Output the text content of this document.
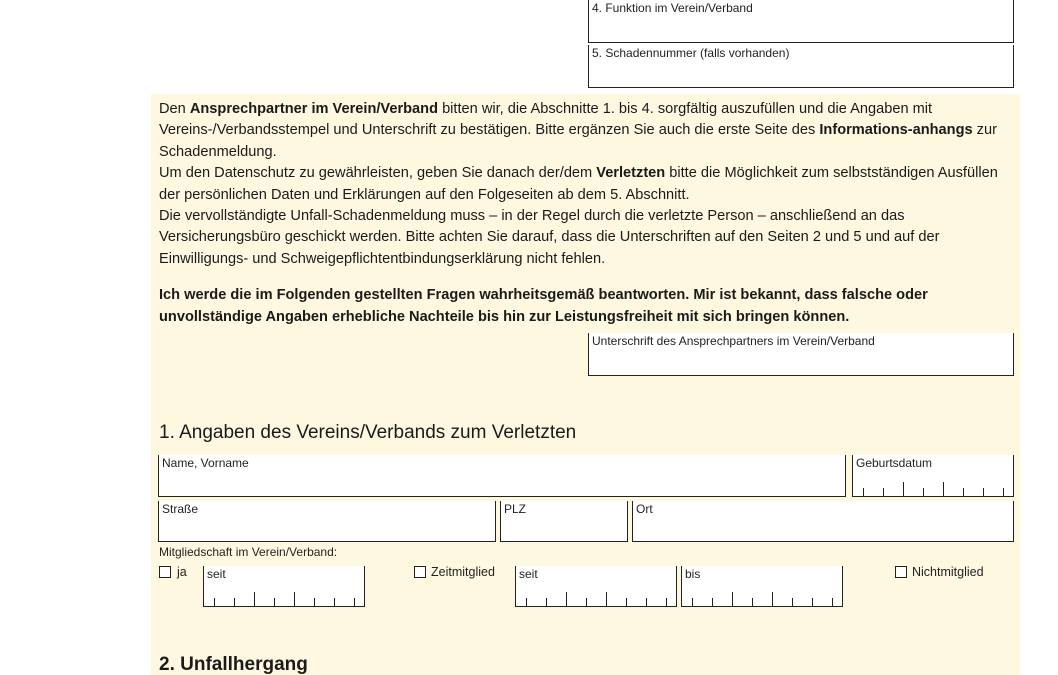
4. Funktion im Verein/Verband
5. Schadennummer (falls vorhanden)

Den Ansprechpartner im Verein/Verband bitten wir, die Abschnitte 1. bis 4. sorgfältig auszufüllen und die Angaben mit Vereins-/Verbandsstempel und Unterschrift zu bestätigen. Bitte ergänzen Sie auch die erste Seite des Informations-anhangs zur Schadenmeldung.

Um den Datenschutz zu gewährleisten, geben Sie danach der/dem Verletzten bitte die Möglichkeit zum selbstständigen Ausfüllen der persönlichen Daten und Erklärungen auf den Folgeseiten ab dem 5. Abschnitt.

Die vervollständigte Unfall-Schadenmeldung muss – in der Regel durch die verletzte Person – anschließend an das Versicherungsbüro geschickt werden. Bitte achten Sie darauf, dass die Unterschriften auf den Seiten 2 und 5 und auf der Einwilligungs- und Schweigepflichtentbindungserklärung nicht fehlen.

Ich werde die im Folgenden gestellten Fragen wahrheitsgemäß beantworten. Mir ist bekannt, dass falsche oder unvollständige Angaben erhebliche Nachteile bis hin zur Leistungsfreiheit mit sich bringen können.

Unterschrift des Ansprechpartners im Verein/Verband
1. Angaben des Vereins/Verbands zum Verletzten
Name, Vorname	Geburtsdatum
Straße	PLZ	Ort
Mitgliedschaft im Verein/Verband:
ja seit	Zeitmitglied seit	bis	Nichtmitglied
2. Unfallhergang
